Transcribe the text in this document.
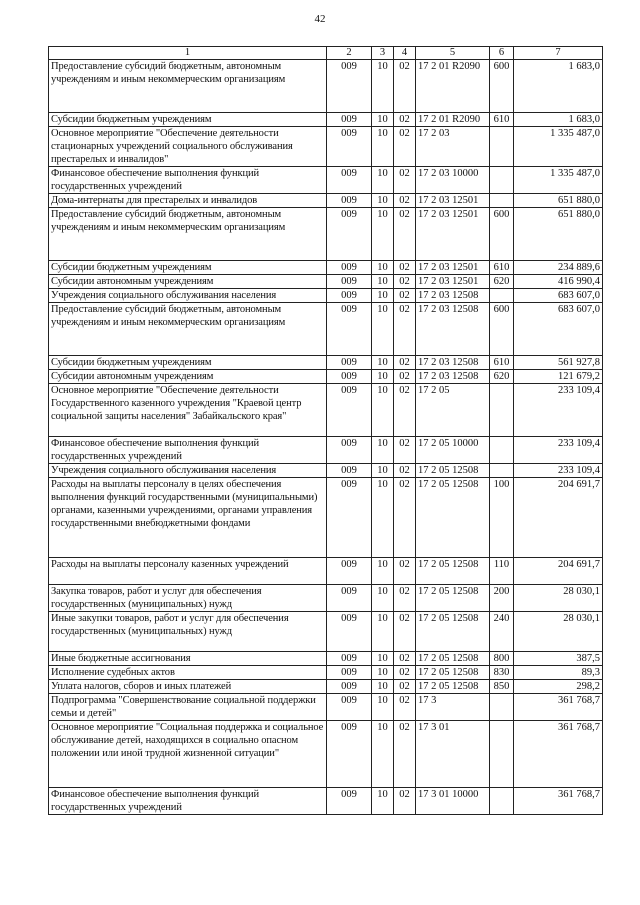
42
1	2	3	4	5	6	7
Предоставление субсидий бюджетным, автономным учреждениям и иным некоммерческим организациям	009	10	02	17 2 01 R2090	600	1 683,0
Субсидии бюджетным учреждениям	009	10	02	17 2 01 R2090	610	1 683,0
Основное мероприятие "Обеспечение деятельности стационарных учреждений социального обслуживания престарелых и инвалидов"	009	10	02	17 2 03		1 335 487,0
Финансовое обеспечение выполнения функций государственных учреждений	009	10	02	17 2 03 10000		1 335 487,0
Дома-интернаты для престарелых и инвалидов	009	10	02	17 2 03 12501		651 880,0
Предоставление субсидий бюджетным, автономным учреждениям и иным некоммерческим организациям	009	10	02	17 2 03 12501	600	651 880,0
Субсидии бюджетным учреждениям	009	10	02	17 2 03 12501	610	234 889,6
Субсидии автономным учреждениям	009	10	02	17 2 03 12501	620	416 990,4
Учреждения социального обслуживания населения	009	10	02	17 2 03 12508		683 607,0
Предоставление субсидий бюджетным, автономным учреждениям и иным некоммерческим организациям	009	10	02	17 2 03 12508	600	683 607,0
Субсидии бюджетным учреждениям	009	10	02	17 2 03 12508	610	561 927,8
Субсидии автономным учреждениям	009	10	02	17 2 03 12508	620	121 679,2
Основное мероприятие "Обеспечение деятельности Государственного казенного учреждения "Краевой центр социальной защиты населения" Забайкальского края"	009	10	02	17 2 05		233 109,4
Финансовое обеспечение выполнения функций государственных учреждений	009	10	02	17 2 05 10000		233 109,4
Учреждения социального обслуживания населения	009	10	02	17 2 05 12508		233 109,4
Расходы на выплаты персоналу в целях обеспечения выполнения функций государственными (муниципальными) органами, казенными учреждениями, органами управления государственными внебюджетными фондами	009	10	02	17 2 05 12508	100	204 691,7
Расходы на выплаты персоналу казенных учреждений	009	10	02	17 2 05 12508	110	204 691,7
Закупка товаров, работ и услуг для обеспечения государственных (муниципальных) нужд	009	10	02	17 2 05 12508	200	28 030,1
Иные закупки товаров, работ и услуг для обеспечения государственных (муниципальных) нужд	009	10	02	17 2 05 12508	240	28 030,1
Иные бюджетные ассигнования	009	10	02	17 2 05 12508	800	387,5
Исполнение судебных актов	009	10	02	17 2 05 12508	830	89,3
Уплата налогов, сборов и иных платежей	009	10	02	17 2 05 12508	850	298,2
Подпрограмма "Совершенствование социальной поддержки семьи и детей"	009	10	02	17 3		361 768,7
Основное мероприятие "Социальная поддержка и социальное обслуживание детей, находящихся в социально опасном положении или иной трудной жизненной ситуации"	009	10	02	17 3 01		361 768,7
Финансовое обеспечение выполнения функций государственных учреждений	009	10	02	17 3 01 10000		361 768,7
